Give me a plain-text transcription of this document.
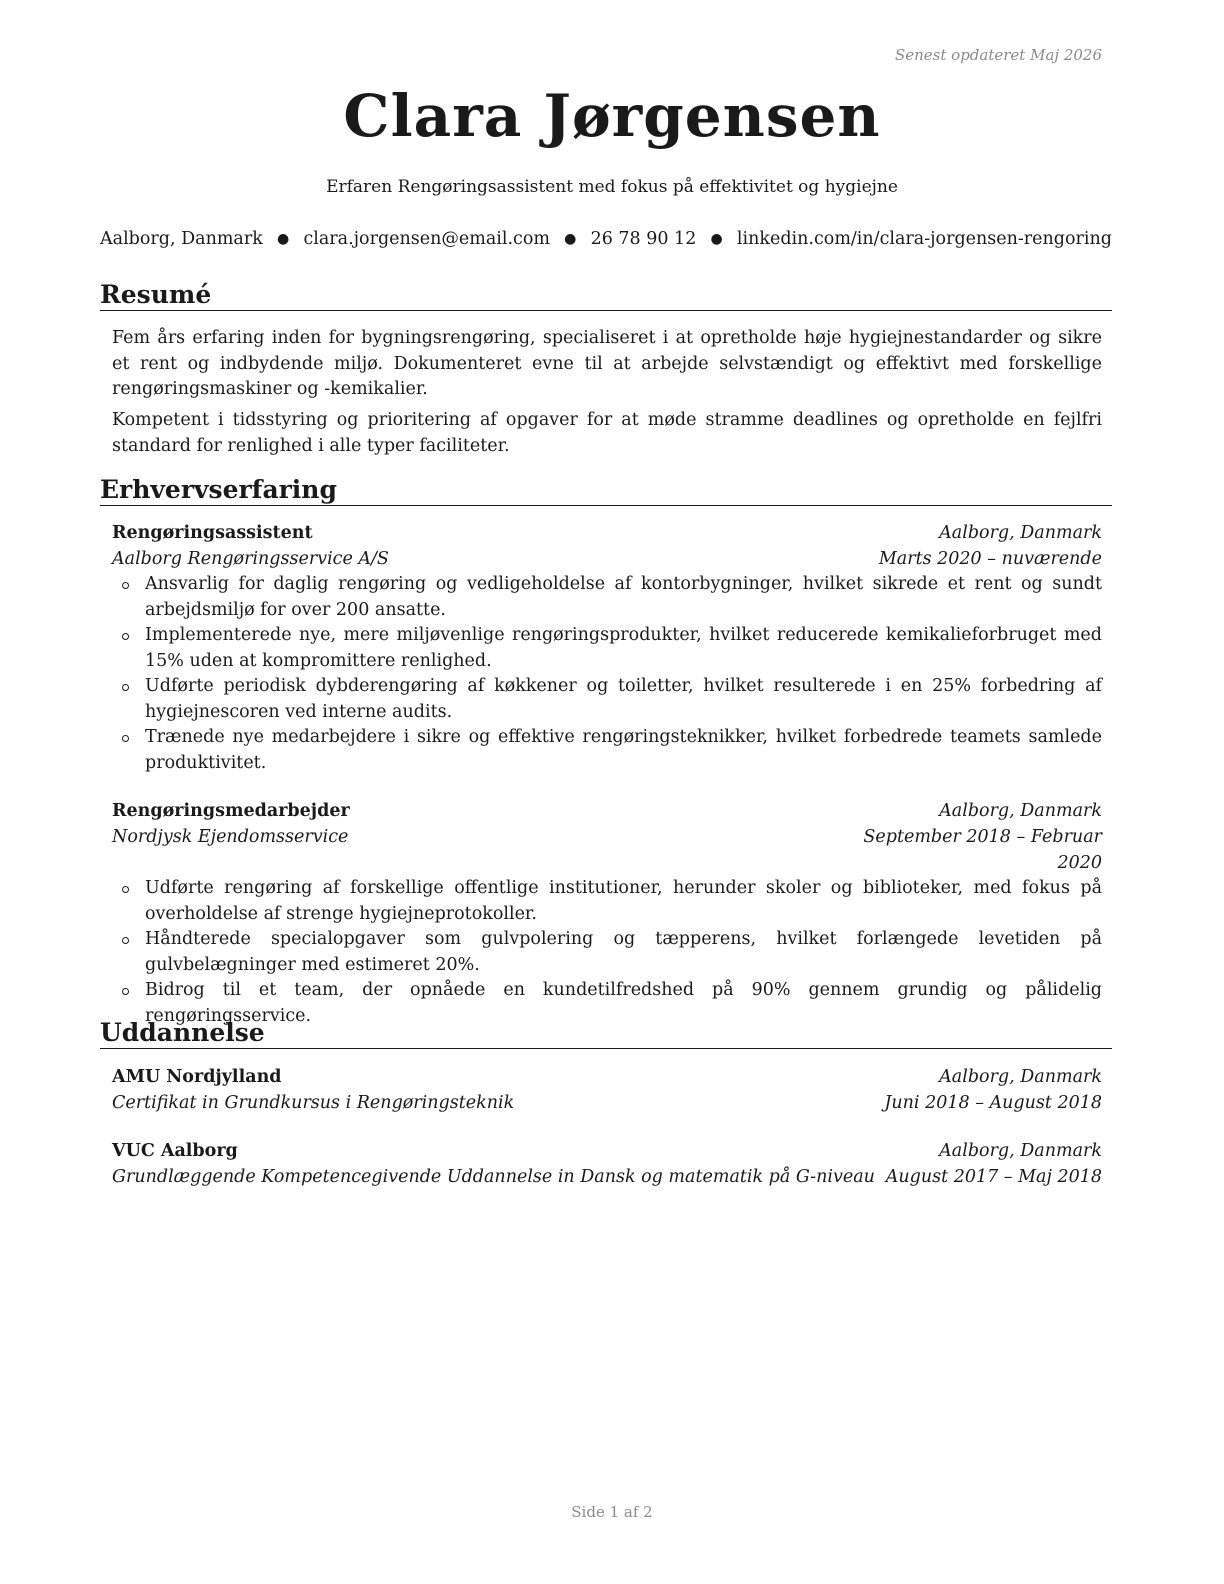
Senest opdateret Maj 2026
Clara Jørgensen
Erfaren Rengøringsassistent med fokus på effektivitet og hygiejne
Aalborg, Danmark ● clara.jorgensen@email.com ● 26 78 90 12 ● linkedin.com/in/clara-jorgensen-rengoring
Resumé
Fem års erfaring inden for bygningsrengøring, specialiseret i at opretholde høje hygiejnestandarder og sikre et rent og indbydende miljø. Dokumenteret evne til at arbejde selvstændigt og effektivt med forskellige rengøringsmaskiner og -kemikalier.
Kompetent i tidsstyring og prioritering af opgaver for at møde stramme deadlines og opretholde en fejlfri standard for renlighed i alle typer faciliteter.
Erhvervserfaring
Rengøringsassistent	Aalborg, Danmark
Aalborg Rengøringsservice A/S	Marts 2020 – nuværende
Ansvarlig for daglig rengøring og vedligeholdelse af kontorbygninger, hvilket sikrede et rent og sundt arbejdsmiljø for over 200 ansatte.
Implementerede nye, mere miljøvenlige rengøringsprodukter, hvilket reducerede kemikalieforbruget med 15% uden at kompromittere renlighed.
Udførte periodisk dybderengøring af køkkener og toiletter, hvilket resulterede i en 25% forbedring af hygiejnescoren ved interne audits.
Trænede nye medarbejdere i sikre og effektive rengøringsteknikker, hvilket forbedrede teamets samlede produktivitet.
Rengøringsmedarbejder	Aalborg, Danmark
Nordjysk Ejendomsservice	September 2018 – Februar
2020
Udførte rengøring af forskellige offentlige institutioner, herunder skoler og biblioteker, med fokus på overholdelse af strenge hygiejneprotokoller.
Håndterede specialopgaver som gulvpolering og tæpperens, hvilket forlængede levetiden på gulvbelægninger med estimeret 20%.
Bidrog til et team, der opnåede en kundetilfredshed på 90% gennem grundig og pålidelig rengøringsservice.
Uddannelse
AMU Nordjylland	Aalborg, Danmark
Certifikat in Grundkursus i Rengøringsteknik	Juni 2018 – August 2018
VUC Aalborg	Aalborg, Danmark
Grundlæggende Kompetencegivende Uddannelse in Dansk og matematik på G-niveau August 2017 – Maj 2018
Side 1 af 2
